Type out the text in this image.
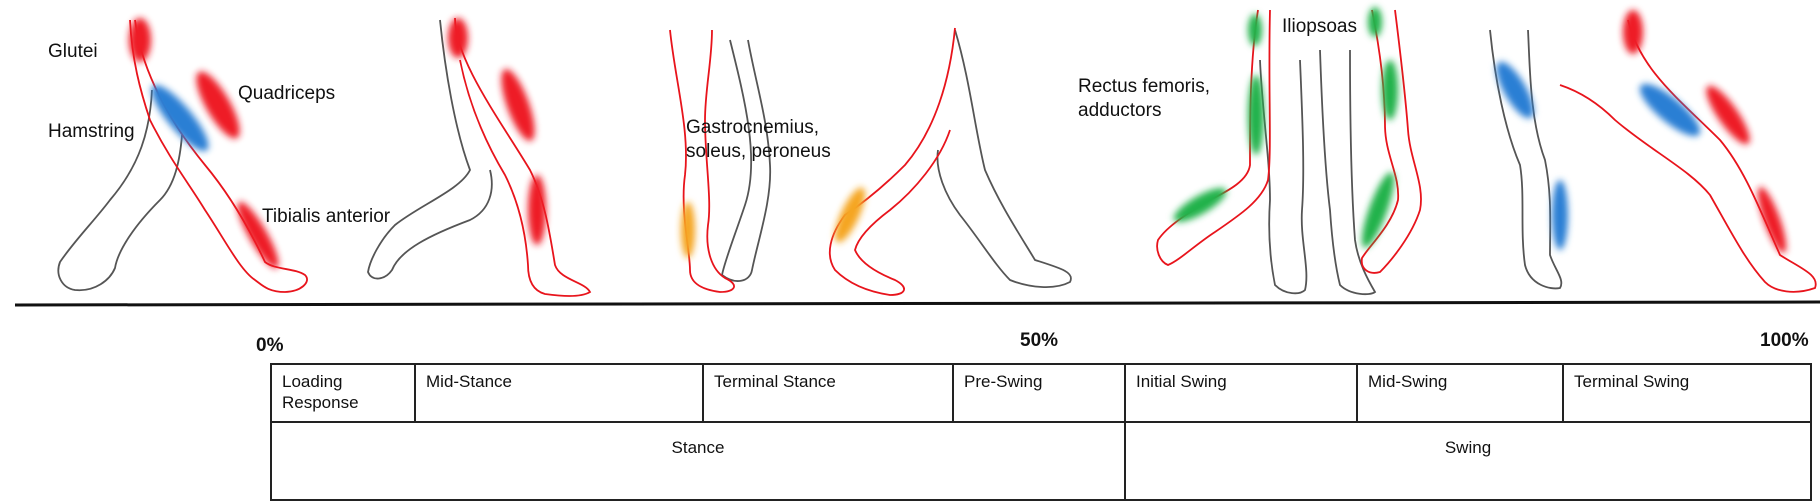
Glutei
Hamstring
Quadriceps
Tibialis anterior
Gastrocnemius,
soleus, peroneus
Rectus femoris,
adductors
Iliopsoas
0%	50%	100%
Loading
Response	Mid-Stance	Terminal Stance	Pre-Swing	Initial Swing	Mid-Swing	Terminal Swing
Stance				Swing		
